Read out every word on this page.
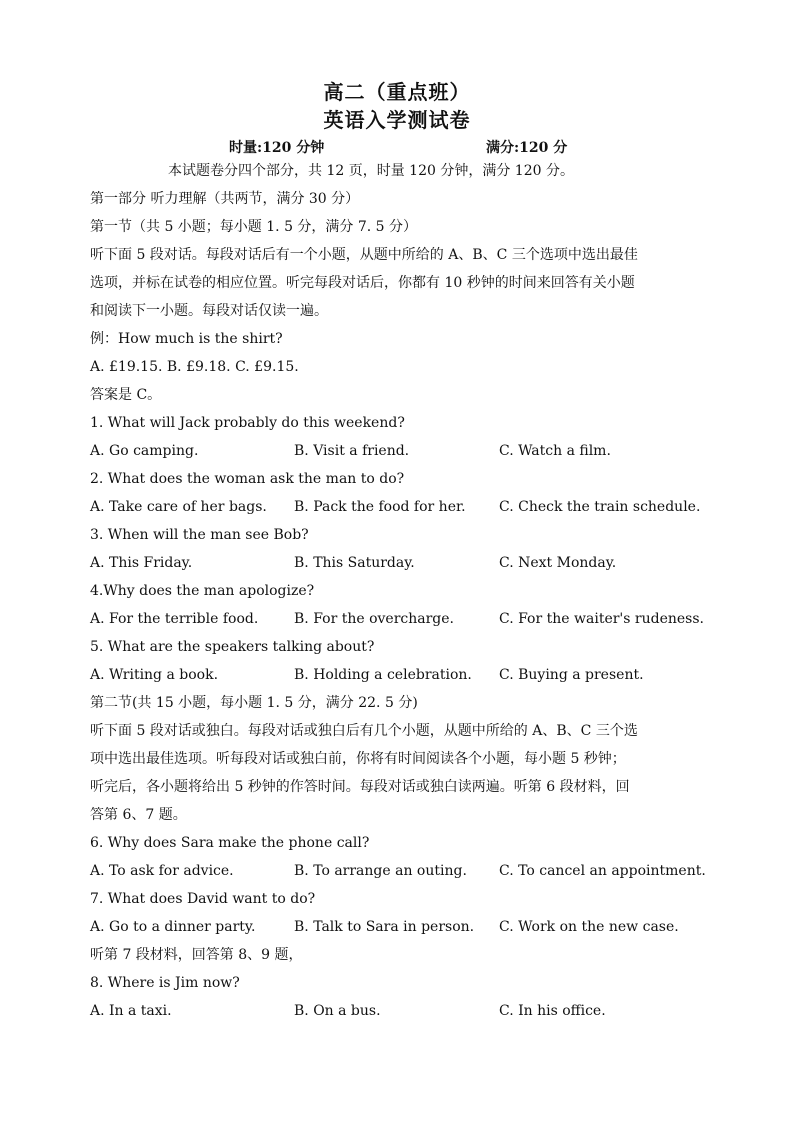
高二（重点班）
英语入学测试卷
时量:120 分钟	满分:120 分
本试题卷分四个部分，共 12 页，时量 120 分钟，满分 120 分。
第一部分 听力理解（共两节，满分 30 分）
第一节（共 5 小题；每小题 1. 5 分，满分 7. 5 分）
听下面 5 段对话。每段对话后有一个小题，从题中所给的 A、B、C 三个选项中选出最佳
选项，并标在试卷的相应位置。听完每段对话后，你都有 10 秒钟的时间来回答有关小题
和阅读下一小题。每段对话仅读一遍。
例：How much is the shirt?
A. £19.15. B. £9.18. C. £9.15.
答案是 C。
1. What will Jack probably do this weekend?
A. Go camping.	B. Visit a friend.	C. Watch a film.
2. What does the woman ask the man to do?
A. Take care of her bags. B. Pack the food for her. C. Check the train schedule.
3. When will the man see Bob?
A. This Friday.	B. This Saturday.	C. Next Monday.
4.Why does the man apologize?
A. For the terrible food.	B. For the overcharge.	C. For the waiter's rudeness.
5. What are the speakers talking about?
A. Writing a book.	B. Holding a celebration. C. Buying a present.
第二节(共 15 小题，每小题 1. 5 分，满分 22. 5 分)
听下面 5 段对话或独白。每段对话或独白后有几个小题，从题中所给的 A、B、C 三个选
项中选出最佳选项。听每段对话或独白前，你将有时间阅读各个小题，每小题 5 秒钟；
听完后，各小题将给出 5 秒钟的作答时间。每段对话或独白读两遍。听第 6 段材料，回
答第 6、7 题。
6. Why does Sara make the phone call?
A. To ask for advice.	B. To arrange an outing. C. To cancel an appointment.
7. What does David want to do?
A. Go to a dinner party.	B. Talk to Sara in person. C. Work on the new case.
听第 7 段材料，回答第 8、9 题，
8. Where is Jim now?
A. In a taxi.	B. On a bus.	C. In his office.
